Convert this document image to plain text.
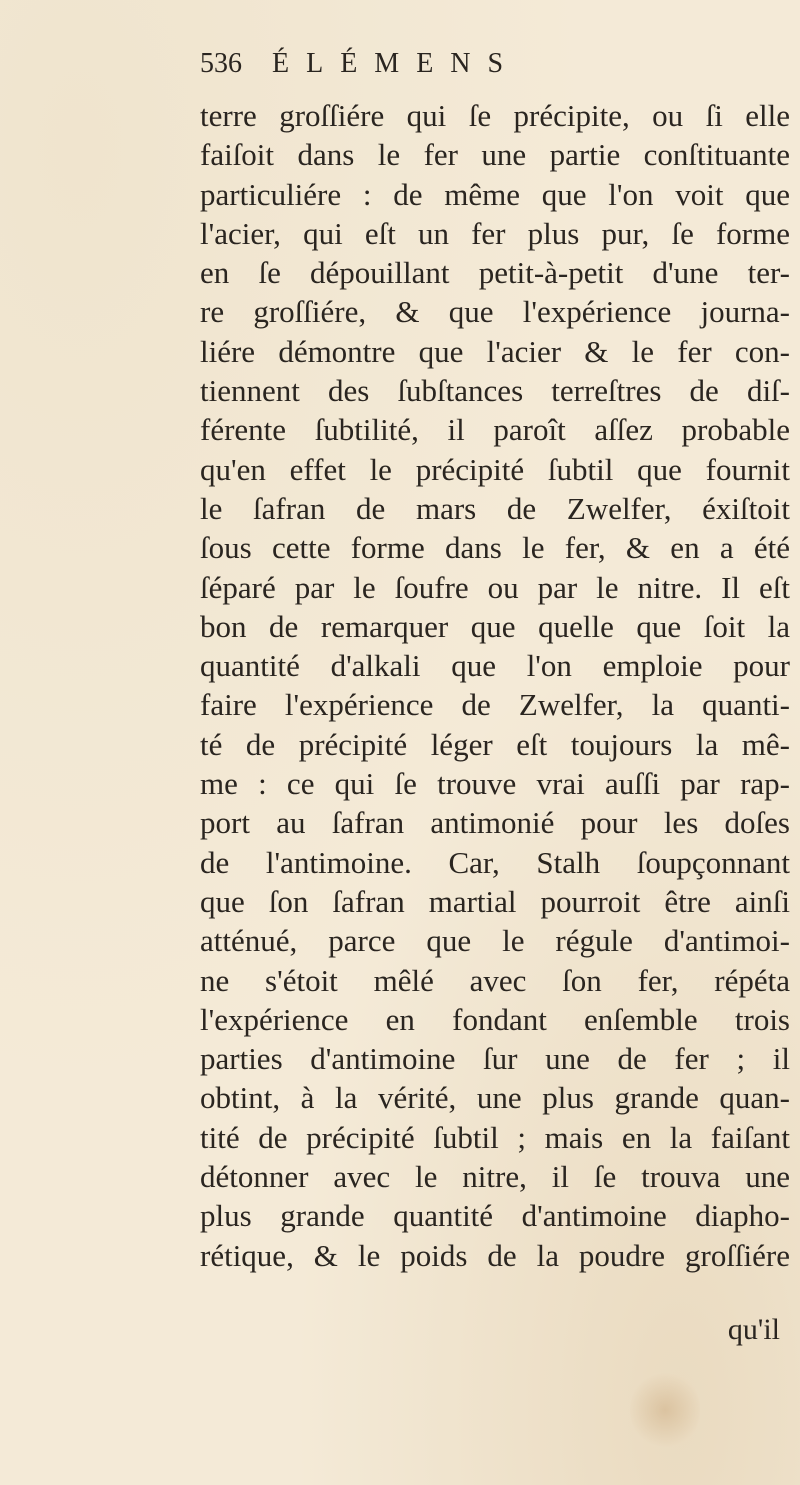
536 ÉLÉMENS
terre groſſiére qui ſe précipite, ou ſi elle
faiſoit dans le fer une partie conſtituante
particuliére : de même que l'on voit que
l'acier, qui eſt un fer plus pur, ſe forme
en ſe dépouillant petit-à-petit d'une ter-
re groſſiére, & que l'expérience journa-
liére démontre que l'acier & le fer con-
tiennent des ſubſtances terreſtres de diſ-
férente ſubtilité, il paroît aſſez probable
qu'en effet le précipité ſubtil que fournit
le ſafran de mars de Zwelfer, éxiſtoit
ſous cette forme dans le fer, & en a été
ſéparé par le ſoufre ou par le nitre. Il eſt
bon de remarquer que quelle que ſoit la
quantité d'alkali que l'on emploie pour
faire l'expérience de Zwelfer, la quanti-
té de précipité léger eſt toujours la mê-
me : ce qui ſe trouve vrai auſſi par rap-
port au ſafran antimonié pour les doſes
de l'antimoine. Car, Stalh ſoupçonnant
que ſon ſafran martial pourroit être ainſi
atténué, parce que le régule d'antimoi-
ne s'étoit mêlé avec ſon fer, répéta
l'expérience en fondant enſemble trois
parties d'antimoine ſur une de fer ; il
obtint, à la vérité, une plus grande quan-
tité de précipité ſubtil ; mais en la faiſant
détonner avec le nitre, il ſe trouva une
plus grande quantité d'antimoine diapho-
rétique, & le poids de la poudre groſſiére
qu'il
